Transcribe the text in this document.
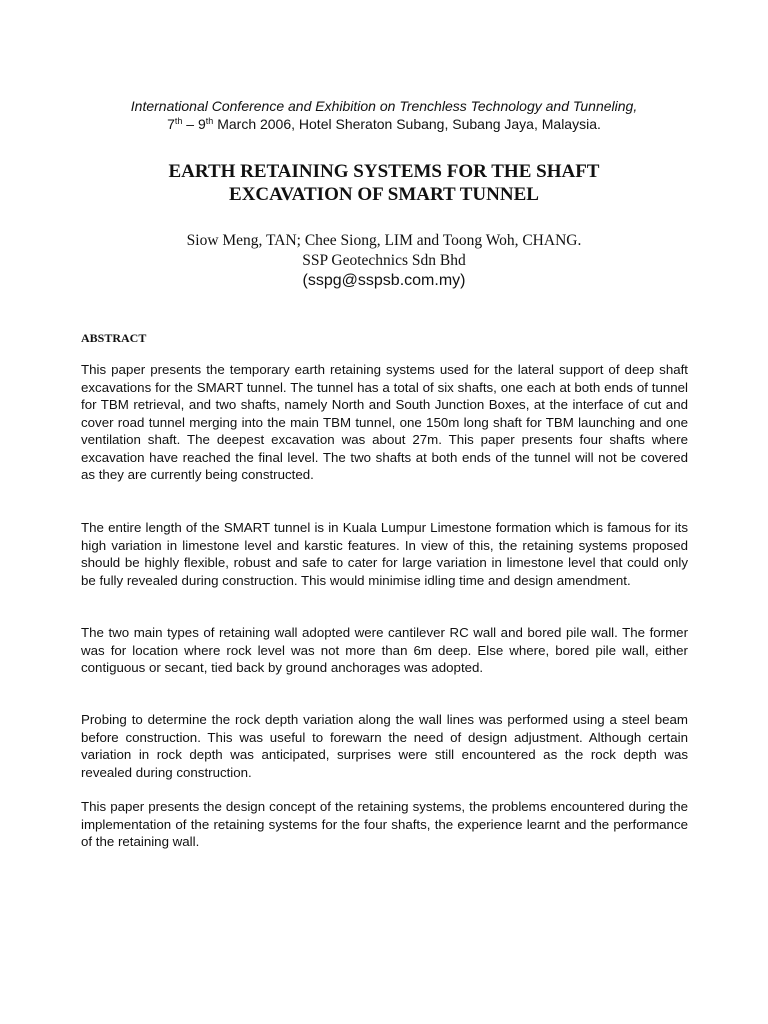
International Conference and Exhibition on Trenchless Technology and Tunneling,
7th – 9th March 2006, Hotel Sheraton Subang, Subang Jaya, Malaysia.
EARTH RETAINING SYSTEMS FOR THE SHAFT
EXCAVATION OF SMART TUNNEL
Siow Meng, TAN; Chee Siong, LIM and Toong Woh, CHANG.
SSP Geotechnics Sdn Bhd
(sspg@sspsb.com.my)
ABSTRACT

This paper presents the temporary earth retaining systems used for the lateral support of deep shaft excavations for the SMART tunnel. The tunnel has a total of six shafts, one each at both ends of tunnel for TBM retrieval, and two shafts, namely North and South Junction Boxes, at the interface of cut and cover road tunnel merging into the main TBM tunnel, one 150m long shaft for TBM launching and one ventilation shaft. The deepest excavation was about 27m. This paper presents four shafts where excavation have reached the final level. The two shafts at both ends of the tunnel will not be covered as they are currently being constructed.

The entire length of the SMART tunnel is in Kuala Lumpur Limestone formation which is famous for its high variation in limestone level and karstic features. In view of this, the retaining systems proposed should be highly flexible, robust and safe to cater for large variation in limestone level that could only be fully revealed during construction. This would minimise idling time and design amendment.

The two main types of retaining wall adopted were cantilever RC wall and bored pile wall. The former was for location where rock level was not more than 6m deep. Else where, bored pile wall, either contiguous or secant, tied back by ground anchorages was adopted.

Probing to determine the rock depth variation along the wall lines was performed using a steel beam before construction. This was useful to forewarn the need of design adjustment. Although certain variation in rock depth was anticipated, surprises were still encountered as the rock depth was revealed during construction.

This paper presents the design concept of the retaining systems, the problems encountered during the implementation of the retaining systems for the four shafts, the experience learnt and the performance of the retaining wall.
